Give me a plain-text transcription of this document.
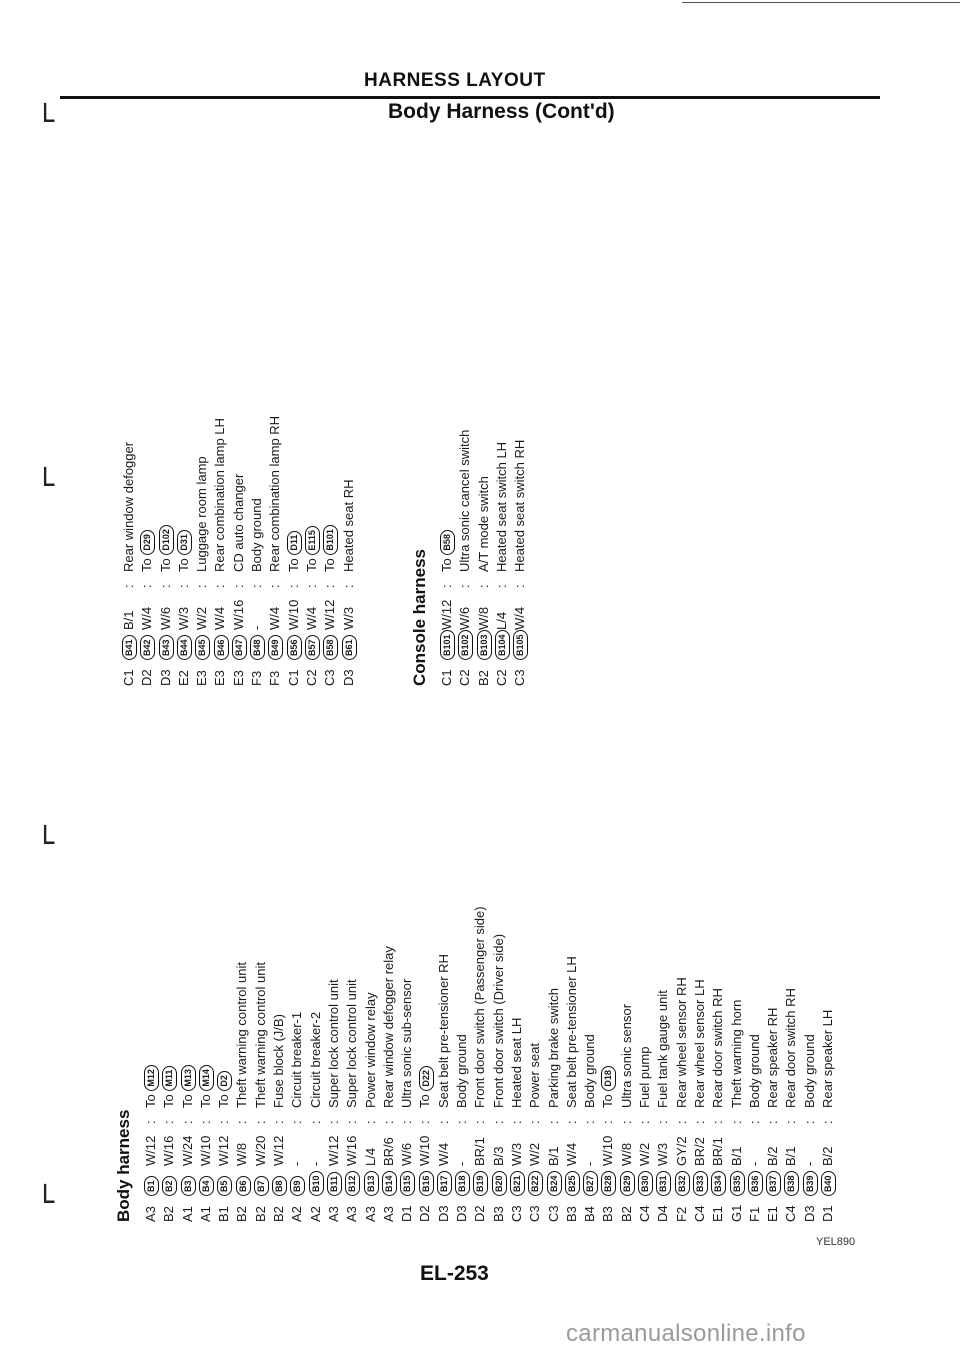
HARNESS LAYOUT
Body Harness (Cont'd)
└
└
└
└	Body harness A3
B1
W/12
:
To M12
B2
B2
W/16
:
To M11
A1
B3
W/24
:
To M13
A1
B4
W/10
:
To M14
B1
B5
W/12
:
To D2
B2
B6
W/8
:
Theft warning control unit
B2
B7
W/20
:
Theft warning control unit
B2
B8
W/12
:
Fuse block (J/B)
A2
B9
-
:
Circuit breaker-1
A2
B10
-
:
Circuit breaker-2
A3
B11
W/12
:
Super lock control unit
A3
B12
W/16
:
Super lock control unit
A3
B13
L/4
:
Power window relay
A3
B14
BR/6
:
Rear window defogger relay
D1
B15
W/6
:
Ultra sonic sub-sensor
D2
B16
W/10
:
To D22
D3
B17
W/4
:
Seat belt pre-tensioner RH
D3
B18
-
:
Body ground
D2
B19
BR/1
:
Front door switch (Passenger side)
B3
B20
B/3
:
Front door switch (Driver side)
C3
B21
W/3
:
Heated seat LH
C3
B22
W/2
:
Power seat
C3
B24
B/1
:
Parking brake switch
B3
B25
W/4
:
Seat belt pre-tensioner LH
B4
B27
-
:
Body ground
B3
B28
W/10
:
To D18
B2
B29
W/8
:
Ultra sonic sensor
C4
B30
W/2
:
Fuel pump
D4
B31
W/3
:
Fuel tank gauge unit
F2
B32
GY/2
:
Rear wheel sensor RH
C4
B33
BR/2
:
Rear wheel sensor LH
E1
B34
BR/1
:
Rear door switch RH
G1
B35
B/1
:
Theft warning horn
F1
B36
-
:
Body ground
E1
B37
B/2
:
Rear speaker RH
C4
B38
B/1
:
Rear door switch RH
D3
B39
-
:
Body ground
D1
B40
B/2
:
Rear speaker LH
C1
B41
B/1
:
Rear window defogger
D2
B42
W/4
:
To D29
D3
B43
W/6
:
To D102
E2
B44
W/3
:
To D31
E3
B45
W/2
:
Luggage room lamp
E3
B46
W/4
:
Rear combination lamp LH
E3
B47
W/16
:
CD auto changer
F3
B48
-
:
Body ground
F3
B49
W/4
:
Rear combination lamp RH
C1
B56
W/10
:
To D11
C2
B57
W/4
:
To E115
C3
B58
W/12
:
To B101
D3
B61
W/3
:
Heated seat RH
Console harness C1
B101
W/12
:
To B58
C2
B102
W/6
:
Ultra sonic cancel switch
B2
B103
W/8
:
A/T mode switch
C2
B104
L/4
:
Heated seat switch LH
C3
B105
W/4
:
Heated seat switch RH
YEL890
EL-253
carmanualsonline.info
